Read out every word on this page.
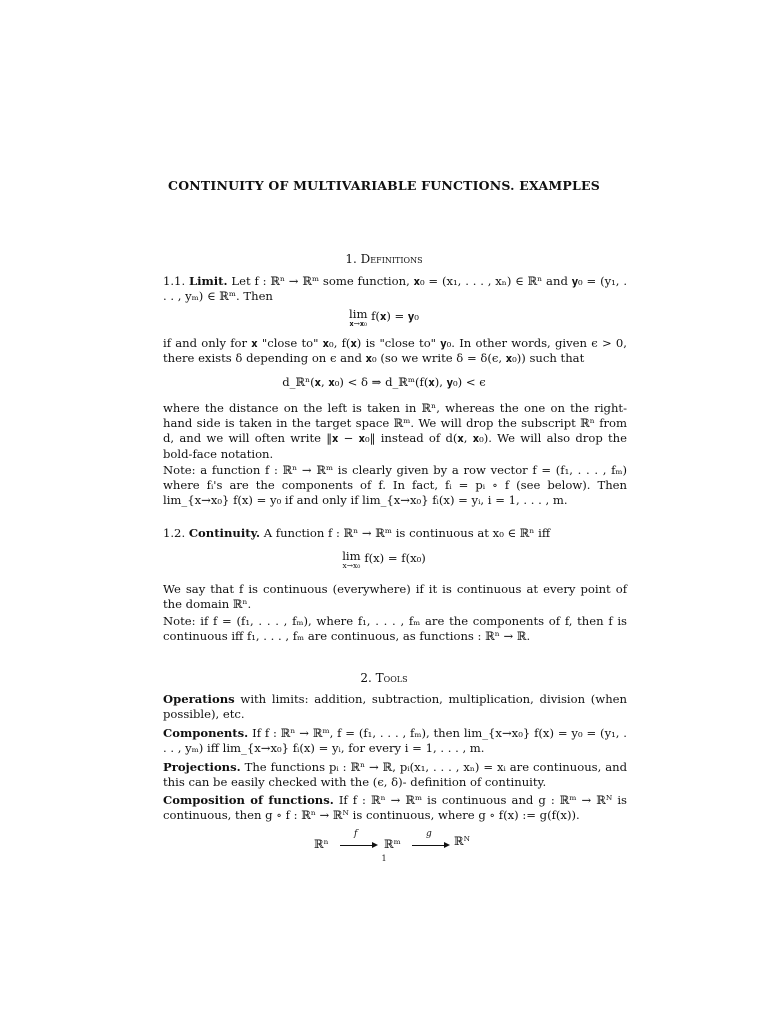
CONTINUITY OF MULTIVARIABLE FUNCTIONS. EXAMPLES
1. Definitions
1.1. Limit. Let f : ℝⁿ → ℝᵐ some function, 𝐱₀ = (x₁, . . . , xₙ) ∈ ℝⁿ and 𝐲₀ = (y₁, . . . , yₘ) ∈ ℝᵐ. Then
lim
𝐱→𝐱₀
f(𝐱) = 𝐲₀
if and only for 𝐱 "close to" 𝐱₀, f(𝐱) is "close to" 𝐲₀. In other words, given ϵ > 0, there exists δ depending on ϵ and 𝐱₀ (so we write δ = δ(ϵ, 𝐱₀)) such that
d_ℝⁿ(𝐱, 𝐱₀) < δ ⇒ d_ℝᵐ(f(𝐱), 𝐲₀) < ϵ
where the distance on the left is taken in ℝⁿ, whereas the one on the right-hand side is taken in the target space ℝᵐ. We will drop the subscript ℝⁿ from d, and we will often write ‖𝐱 − 𝐱₀‖ instead of d(𝐱, 𝐱₀). We will also drop the bold-face notation.
Note: a function f : ℝⁿ → ℝᵐ is clearly given by a row vector f = (f₁, . . . , fₘ) where fᵢ's are the components of f. In fact, fᵢ = pᵢ ∘ f (see below). Then lim_{x→x₀} f(x) = y₀ if and only if lim_{x→x₀} fᵢ(x) = yᵢ, i = 1, . . . , m.
1.2. Continuity. A function f : ℝⁿ → ℝᵐ is continuous at x₀ ∈ ℝⁿ iff
lim
x→x₀
f(x) = f(x₀)
We say that f is continuous (everywhere) if it is continuous at every point of the domain ℝⁿ.
Note: if f = (f₁, . . . , fₘ), where f₁, . . . , fₘ are the components of f, then f is continuous iff f₁, . . . , fₘ are continuous, as functions : ℝⁿ → ℝ.
2. Tools
Operations with limits: addition, subtraction, multiplication, division (when possible), etc.
Components. If f : ℝⁿ → ℝᵐ, f = (f₁, . . . , fₘ), then lim_{x→x₀} f(x) = y₀ = (y₁, . . . , yₘ) iff lim_{x→x₀} fᵢ(x) = yᵢ, for every i = 1, . . . , m.
Projections. The functions pᵢ : ℝⁿ → ℝ, pᵢ(x₁, . . . , xₙ) = xᵢ are continuous, and this can be easily checked with the (ϵ, δ)- definition of continuity.
Composition of functions. If f : ℝⁿ → ℝᵐ is continuous and g : ℝᵐ → ℝᴺ is continuous, then g ∘ f : ℝⁿ → ℝᴺ is continuous, where g ∘ f(x) := g(f(x)).
ℝⁿ
f
ℝᵐ
g ℝᴺ
1
